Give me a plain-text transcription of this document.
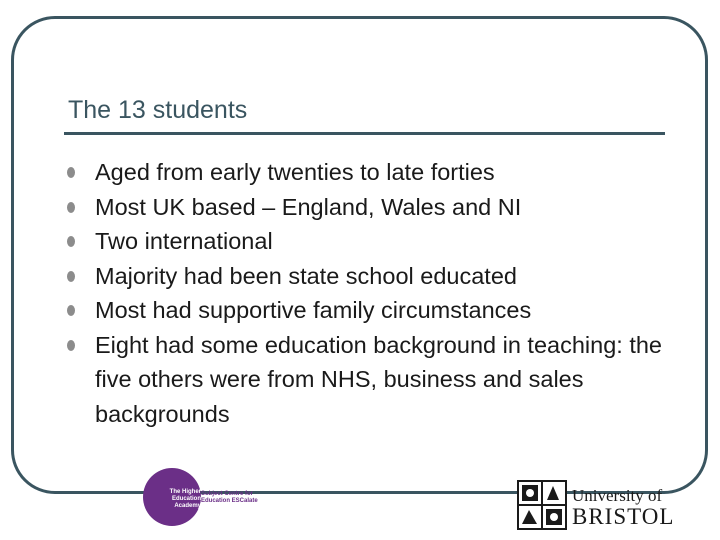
The 13 students
Aged from early twenties to late forties
Most UK based – England, Wales and NI
Two international
Majority had been state school educated
Most had supportive family circumstances
Eight had some education background in teaching: the five others were from NHS, business and sales backgrounds
The Higher Education Academy
Subject Centre for Education ESCalate	University of
BRISTOL
